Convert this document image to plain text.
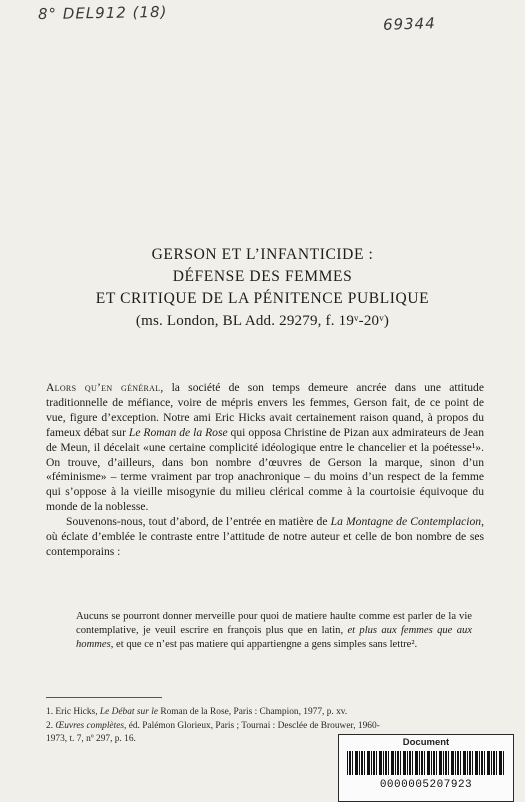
8° DEL912 (18)
69344
GERSON ET L’INFANTICIDE :
DÉFENSE DES FEMMES
ET CRITIQUE DE LA PÉNITENCE PUBLIQUE
(ms. London, BL Add. 29279, f. 19ᵛ-20ᵛ)

Alors qu’en général, la société de son temps demeure ancrée dans une attitude traditionnelle de méfiance, voire de mépris envers les femmes, Gerson fait, de ce point de vue, figure d’exception. Notre ami Eric Hicks avait certainement raison quand, à propos du fameux débat sur Le Roman de la Rose qui opposa Christine de Pizan aux admirateurs de Jean de Meun, il décelait «une certaine complicité idéologique entre le chancelier et la poétesse¹». On trouve, d’ailleurs, dans bon nombre d’œuvres de Gerson la marque, sinon d’un «féminisme» – terme vraiment par trop anachronique – du moins d’un respect de la femme qui s’oppose à la vieille misogynie du milieu clérical comme à la courtoisie équivoque du monde de la noblesse.

Souvenons-nous, tout d’abord, de l’entrée en matière de La Montagne de Contemplacion, où éclate d’emblée le contraste entre l’attitude de notre auteur et celle de bon nombre de ses contemporains :

Aucuns se pourront donner merveille pour quoi de matiere haulte comme est parler de la vie contemplative, je veuil escrire en françois plus que en latin, et plus aux femmes que aux hommes, et que ce n’est pas matiere qui appartiengne a gens simples sans lettre².
1. Eric Hicks, Le Débat sur le Roman de la Rose, Paris : Champion, 1977, p. xv.
2. Œuvres complètes, éd. Palémon Glorieux, Paris ; Tournai : Desclée de Brouwer, 1960-
1973, t. 7, nº 297, p. 16.	Document
0000005207923
